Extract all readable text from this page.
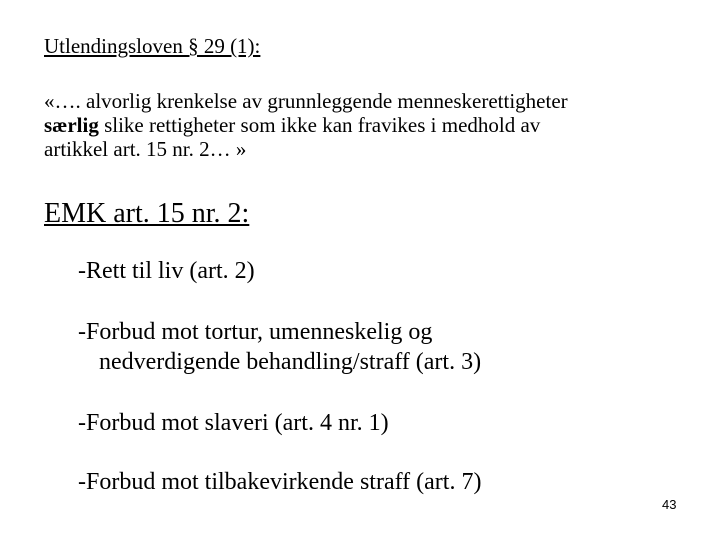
Utlendingsloven § 29 (1):
«…. alvorlig krenkelse av grunnleggende menneskerettigheter
særlig slike rettigheter som ikke kan fravikes i medhold av
artikkel art. 15 nr. 2… »
EMK art. 15 nr. 2:
-Rett til liv (art. 2)
-Forbud mot tortur, umenneskelig og
nedverdigende behandling/straff (art. 3)
-Forbud mot slaveri (art. 4 nr. 1)
-Forbud mot tilbakevirkende straff (art. 7)
43
